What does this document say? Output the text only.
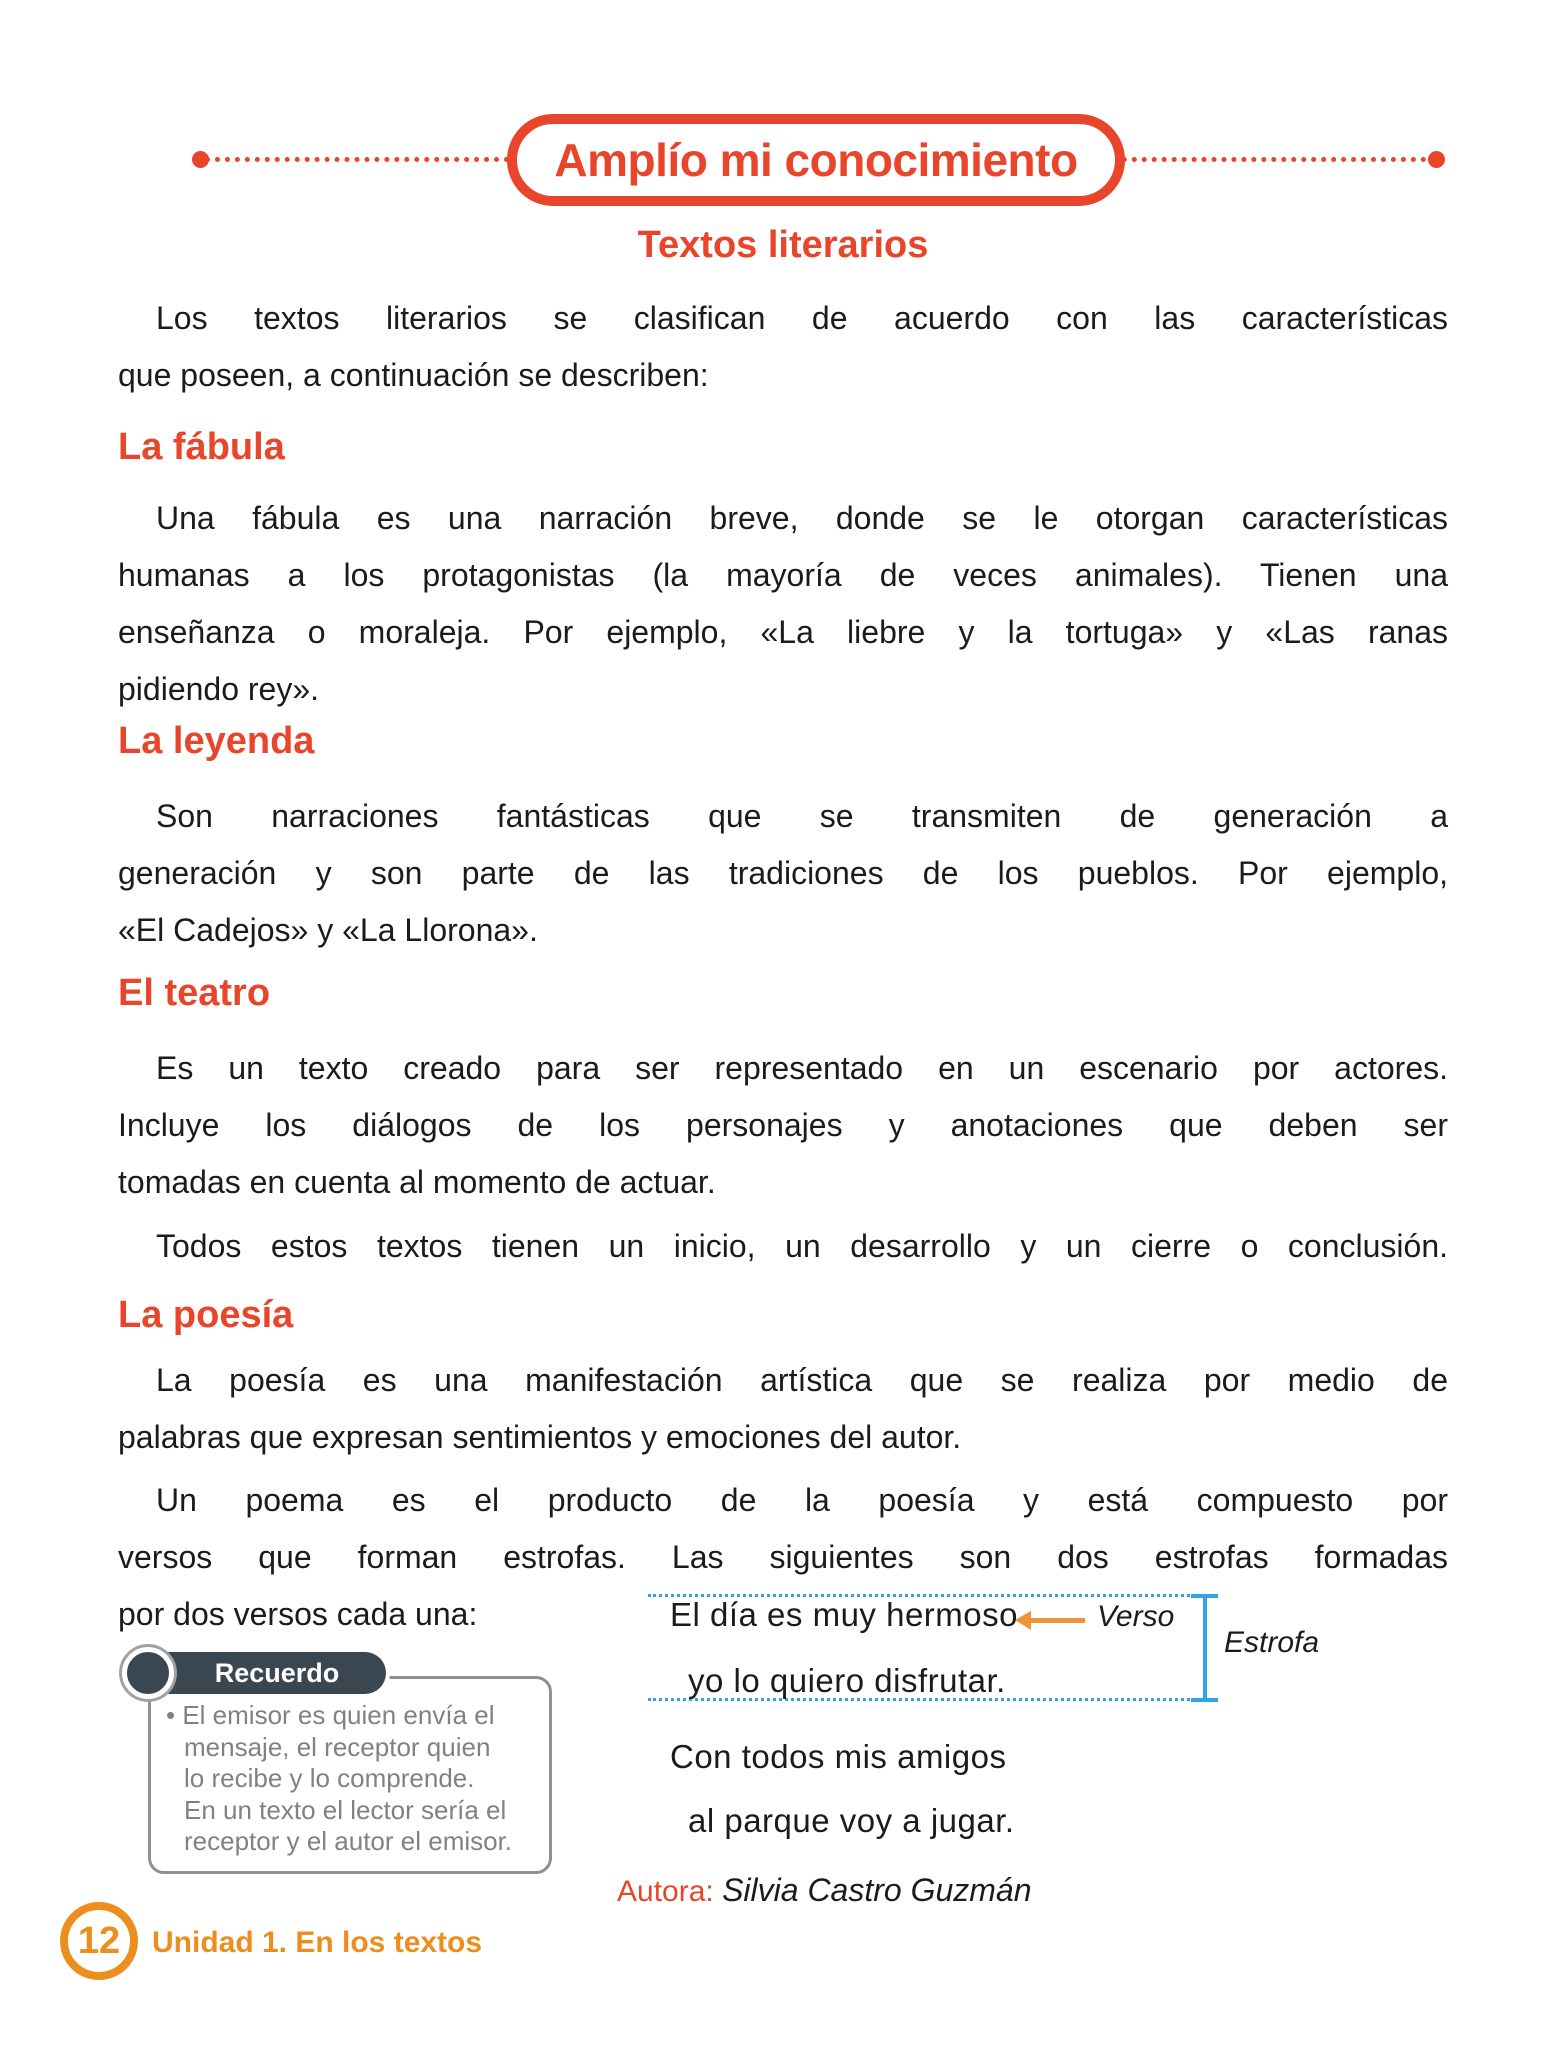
Amplío mi conocimiento
Textos literarios
Los textos literarios se clasifican de acuerdo con las características
que poseen, a continuación se describen:
La fábula
Una fábula es una narración breve, donde se le otorgan características
humanas a los protagonistas (la mayoría de veces animales). Tienen una
enseñanza o moraleja. Por ejemplo, «La liebre y la tortuga» y «Las ranas
pidiendo rey».
La leyenda
Son narraciones fantásticas que se transmiten de generación a
generación y son parte de las tradiciones de los pueblos. Por ejemplo,
«El Cadejos» y «La Llorona».
El teatro
Es un texto creado para ser representado en un escenario por actores.
Incluye los diálogos de los personajes y anotaciones que deben ser
tomadas en cuenta al momento de actuar.
Todos estos textos tienen un inicio, un desarrollo y un cierre o conclusión.
La poesía
La poesía es una manifestación artística que se realiza por medio de
palabras que expresan sentimientos y emociones del autor.
Un poema es el producto de la poesía y está compuesto por
versos que forman estrofas. Las siguientes son dos estrofas formadas
por dos versos cada una:	Verso
Estrofa
El día es muy hermoso
yo lo quiero disfrutar.
Con todos mis amigos
al parque voy a jugar.
Autora: Silvia Castro Guzmán
Recuerdo
• El emisor es quien envía el
mensaje, el receptor quien
lo recibe y lo comprende.
En un texto el lector sería el
receptor y el autor el emisor.
12 Unidad 1. En los textos
